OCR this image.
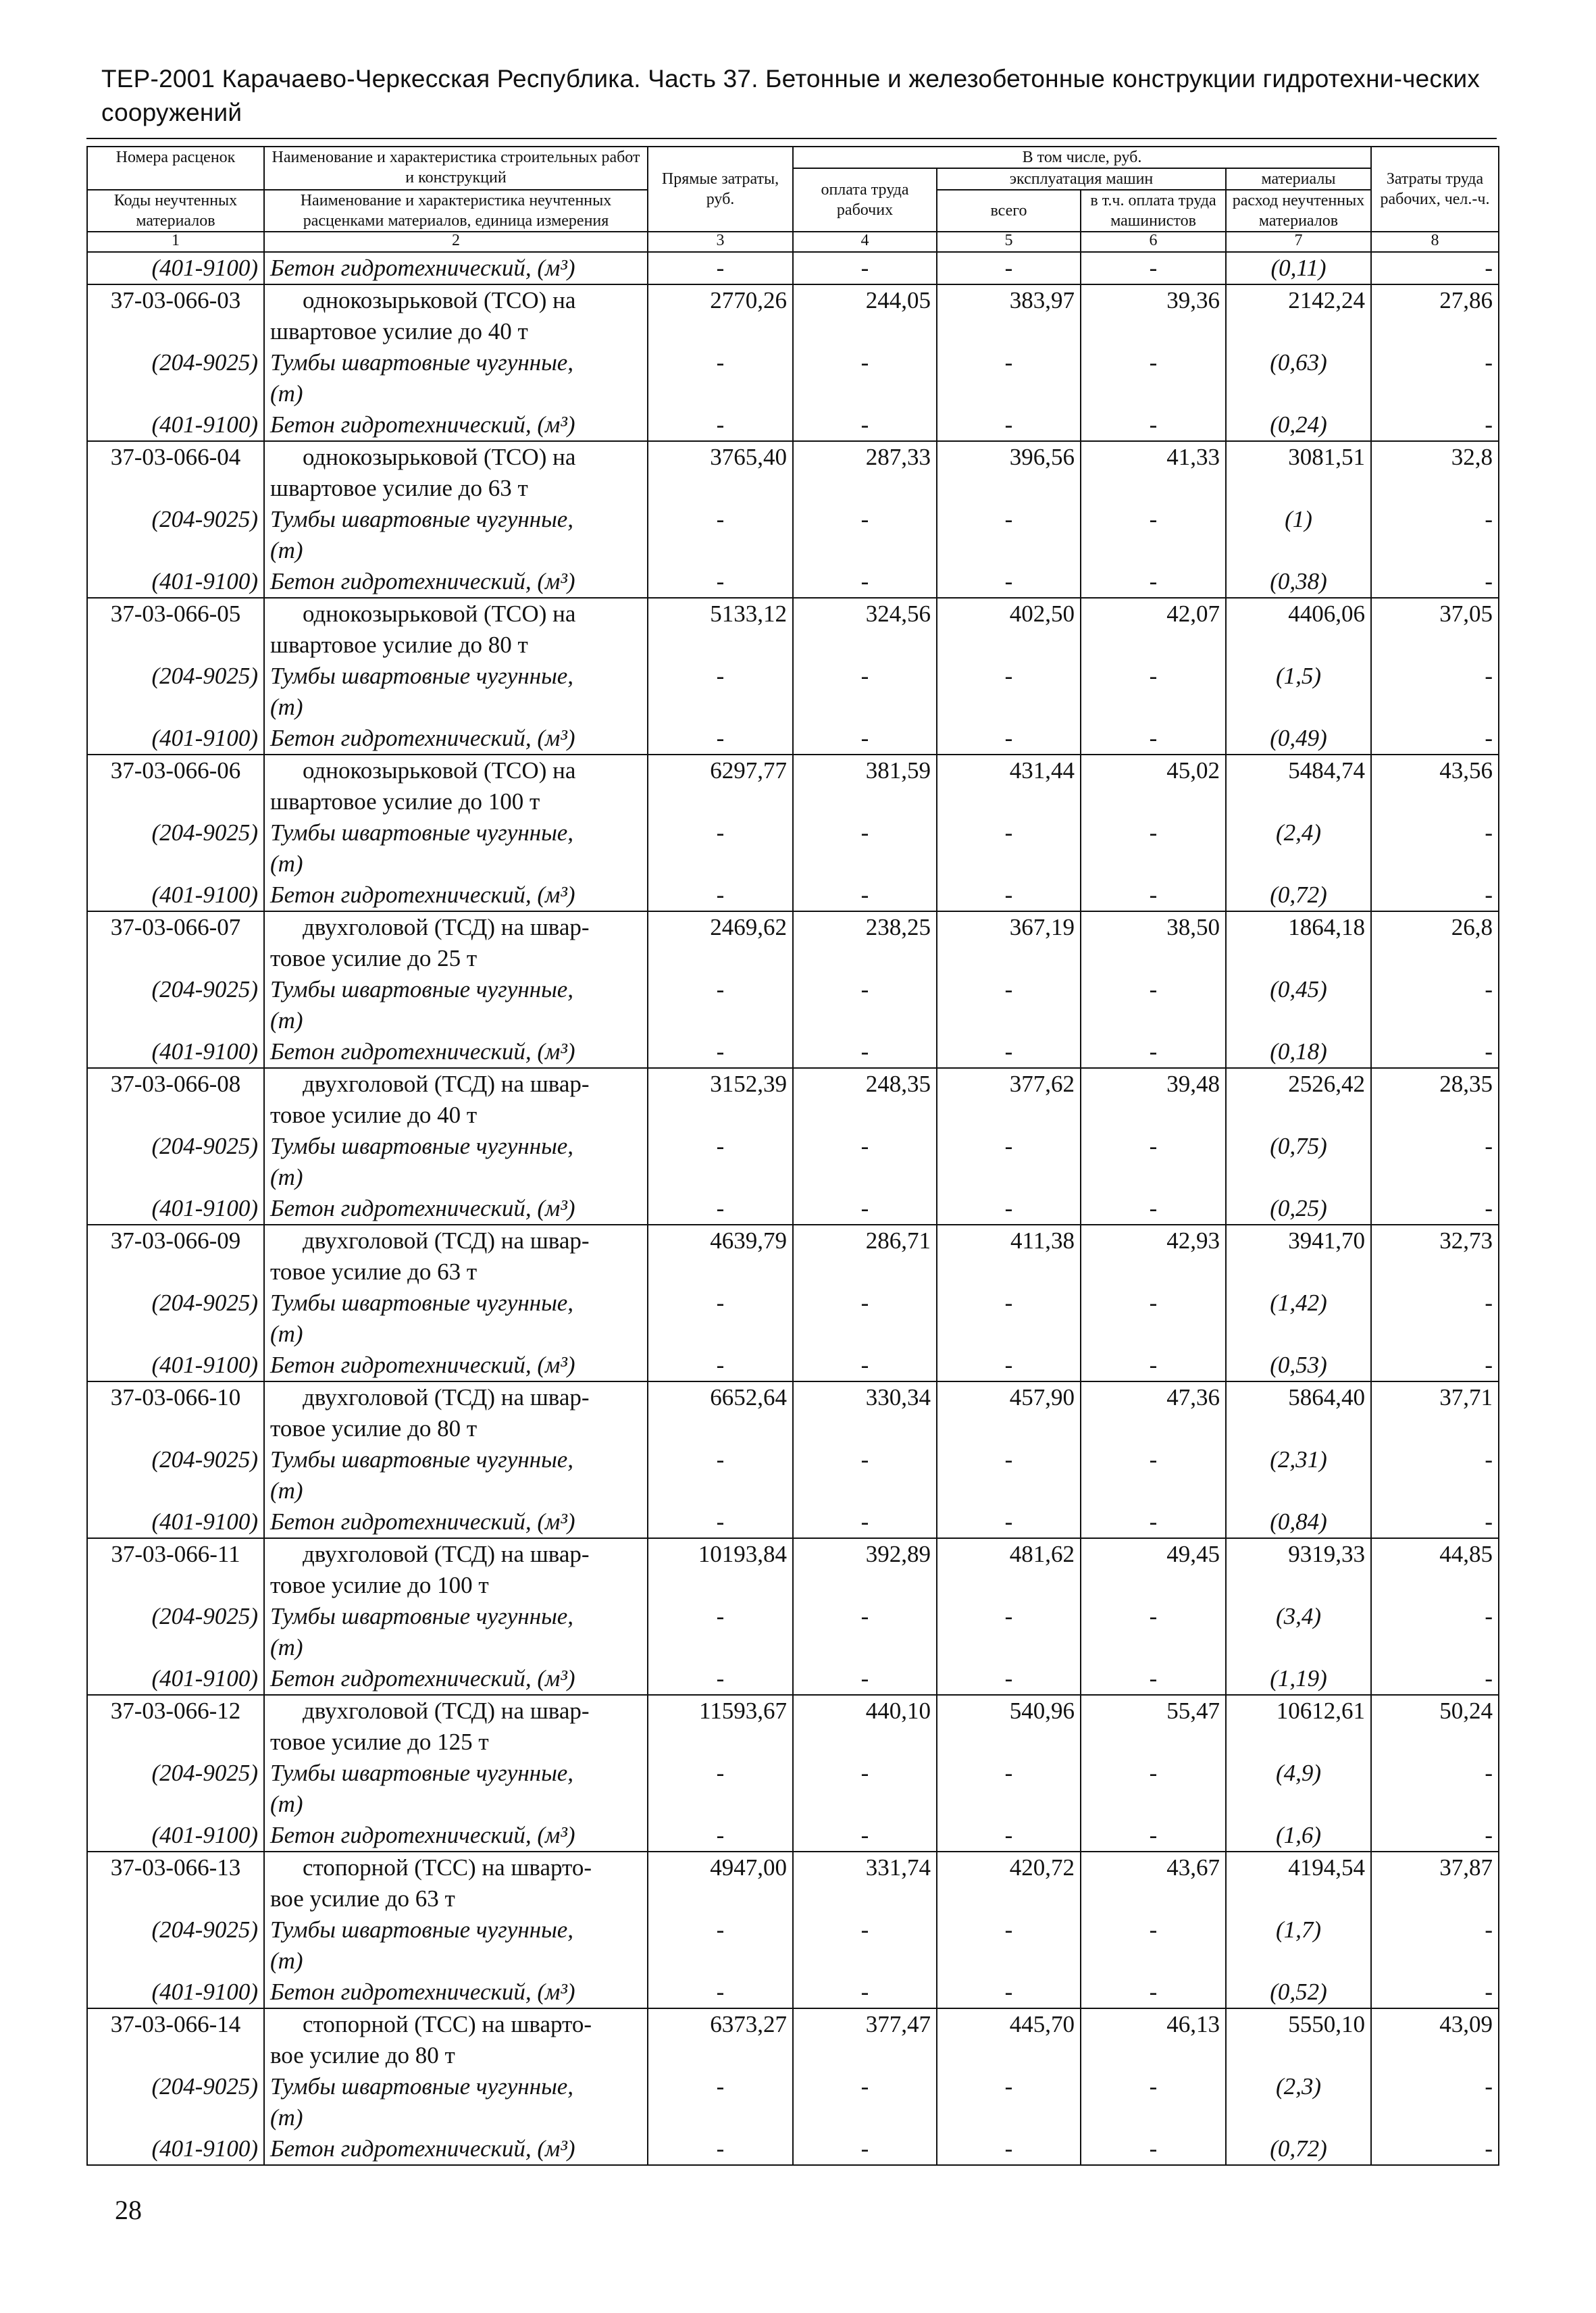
ТЕР-2001 Карачаево-Черкесская Республика. Часть 37. Бетонные и железобетонные конструкции гидротехни-ческих сооружений
Номера расценок	Наименование и характеристика строительных работ и конструкций	Прямые затраты, руб.	В том числе, руб.				Затраты труда рабочих, чел.-ч.
			оплата труда рабочих	эксплуатация машин		материалы	
Коды неучтенных материалов	Наименование и характеристика неучтенных расценками материалов, единица измерения			всего	в т.ч. оплата труда машинистов	расход неучтенных материалов	

1	2	3	4	5	6	7	8
(401-9100)	Бетон гидротехнический, (м³)	-	-	-	-	(0,11)	-
37-03-066-03	однокозырьковой (ТСО) на
швартовое усилие до 40 т	2770,26	244,05	383,97	39,36	2142,24	27,86
(204-9025)	Тумбы швартовные чугунные,
(т)	-	-	-	-	(0,63)	-
(401-9100)	Бетон гидротехнический, (м³)	-	-	-	-	(0,24)	-
37-03-066-04	однокозырьковой (ТСО) на
швартовое усилие до 63 т	3765,40	287,33	396,56	41,33	3081,51	32,8
(204-9025)	Тумбы швартовные чугунные,
(т)	-	-	-	-	(1)	-
(401-9100)	Бетон гидротехнический, (м³)	-	-	-	-	(0,38)	-
37-03-066-05	однокозырьковой (ТСО) на
швартовое усилие до 80 т	5133,12	324,56	402,50	42,07	4406,06	37,05
(204-9025)	Тумбы швартовные чугунные,
(т)	-	-	-	-	(1,5)	-
(401-9100)	Бетон гидротехнический, (м³)	-	-	-	-	(0,49)	-
37-03-066-06	однокозырьковой (ТСО) на
швартовое усилие до 100 т	6297,77	381,59	431,44	45,02	5484,74	43,56
(204-9025)	Тумбы швартовные чугунные,
(т)	-	-	-	-	(2,4)	-
(401-9100)	Бетон гидротехнический, (м³)	-	-	-	-	(0,72)	-
37-03-066-07	двухголовой (ТСД) на швар-
товое усилие до 25 т	2469,62	238,25	367,19	38,50	1864,18	26,8
(204-9025)	Тумбы швартовные чугунные,
(т)	-	-	-	-	(0,45)	-
(401-9100)	Бетон гидротехнический, (м³)	-	-	-	-	(0,18)	-
37-03-066-08	двухголовой (ТСД) на швар-
товое усилие до 40 т	3152,39	248,35	377,62	39,48	2526,42	28,35
(204-9025)	Тумбы швартовные чугунные,
(т)	-	-	-	-	(0,75)	-
(401-9100)	Бетон гидротехнический, (м³)	-	-	-	-	(0,25)	-
37-03-066-09	двухголовой (ТСД) на швар-
товое усилие до 63 т	4639,79	286,71	411,38	42,93	3941,70	32,73
(204-9025)	Тумбы швартовные чугунные,
(т)	-	-	-	-	(1,42)	-
(401-9100)	Бетон гидротехнический, (м³)	-	-	-	-	(0,53)	-
37-03-066-10	двухголовой (ТСД) на швар-
товое усилие до 80 т	6652,64	330,34	457,90	47,36	5864,40	37,71
(204-9025)	Тумбы швартовные чугунные,
(т)	-	-	-	-	(2,31)	-
(401-9100)	Бетон гидротехнический, (м³)	-	-	-	-	(0,84)	-
37-03-066-11	двухголовой (ТСД) на швар-
товое усилие до 100 т	10193,84	392,89	481,62	49,45	9319,33	44,85
(204-9025)	Тумбы швартовные чугунные,
(т)	-	-	-	-	(3,4)	-
(401-9100)	Бетон гидротехнический, (м³)	-	-	-	-	(1,19)	-
37-03-066-12	двухголовой (ТСД) на швар-
товое усилие до 125 т	11593,67	440,10	540,96	55,47	10612,61	50,24
(204-9025)	Тумбы швартовные чугунные,
(т)	-	-	-	-	(4,9)	-
(401-9100)	Бетон гидротехнический, (м³)	-	-	-	-	(1,6)	-
37-03-066-13	стопорной (ТСС) на шварто-
вое усилие до 63 т	4947,00	331,74	420,72	43,67	4194,54	37,87
(204-9025)	Тумбы швартовные чугунные,
(т)	-	-	-	-	(1,7)	-
(401-9100)	Бетон гидротехнический, (м³)	-	-	-	-	(0,52)	-
37-03-066-14	стопорной (ТСС) на шварто-
вое усилие до 80 т	6373,27	377,47	445,70	46,13	5550,10	43,09
(204-9025)	Тумбы швартовные чугунные,
(т)	-	-	-	-	(2,3)	-
(401-9100)	Бетон гидротехнический, (м³)	-	-	-	-	(0,72)	-
28
